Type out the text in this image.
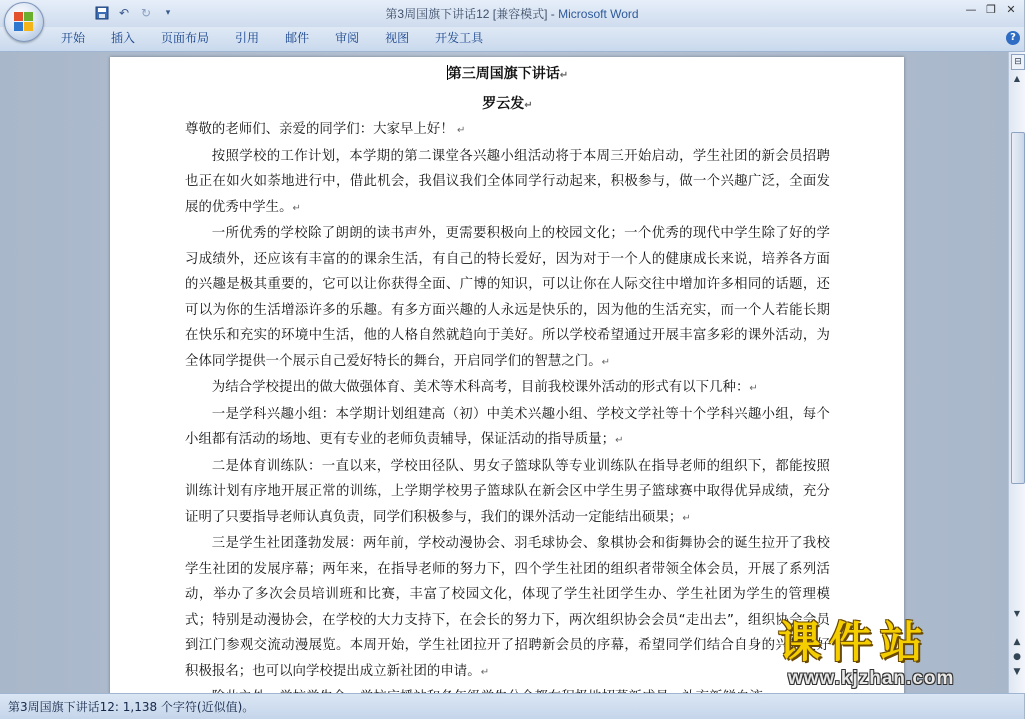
↶ ↻	▾	第3周国旗下讲话12 [兼容模式] - Microsoft Word	— ❐ ✕
开始	插入	页面布局	引用	邮件	审阅	视图	开发工具	?
第三周国旗下讲话↵
罗云发↵

尊敬的老师们、亲爱的同学们：大家早上好！ ↵

按照学校的工作计划，本学期的第二课堂各兴趣小组活动将于本周三开始启动，学生社团的新会员招聘也正在如火如荼地进行中，借此机会，我倡议我们全体同学行动起来，积极参与，做一个兴趣广泛，全面发展的优秀中学生。↵

一所优秀的学校除了朗朗的读书声外，更需要积极向上的校园文化；一个优秀的现代中学生除了好的学习成绩外，还应该有丰富的的课余生活，有自己的特长爱好，因为对于一个人的健康成长来说，培养各方面的兴趣是极其重要的，它可以让你获得全面、广博的知识，可以让你在人际交往中增加许多相同的话题，还可以为你的生活增添许多的乐趣。有多方面兴趣的人永远是快乐的，因为他的生活充实，而一个人若能长期在快乐和充实的环境中生活，他的人格自然就趋向于美好。所以学校希望通过开展丰富多彩的课外活动，为全体同学提供一个展示自己爱好特长的舞台，开启同学们的智慧之门。↵

为结合学校提出的做大做强体育、美术等术科高考，目前我校课外活动的形式有以下几种：↵

一是学科兴趣小组：本学期计划组建高（初）中美术兴趣小组、学校文学社等十个学科兴趣小组，每个小组都有活动的场地、更有专业的老师负责辅导，保证活动的指导质量；↵

二是体育训练队：一直以来，学校田径队、男女子篮球队等专业训练队在指导老师的组织下，都能按照训练计划有序地开展正常的训练，上学期学校男子篮球队在新会区中学生男子篮球赛中取得优异成绩，充分证明了只要指导老师认真负责，同学们积极参与，我们的课外活动一定能结出硕果；↵

三是学生社团蓬勃发展：两年前，学校动漫协会、羽毛球协会、象棋协会和街舞协会的诞生拉开了我校学生社团的发展序幕；两年来，在指导老师的努力下，四个学生社团的组织者带领全体会员，开展了系列活动，举办了多次会员培训班和比赛，丰富了校园文化，体现了学生社团学生办、学生社团为学生的管理模式；特别是动漫协会，在学校的大力支持下，在会长的努力下，两次组织协会会员“走出去”，组织协会会员到江门参观交流动漫展览。本周开始，学生社团拉开了招聘新会员的序幕，希望同学们结合自身的兴趣爱好积极报名；也可以向学校提出成立新社团的申请。↵

⊟
▲
▼
▲
●
▼
课件站
www.kjzhan.com
第3周国旗下讲话12: 1,138 个字符(近似值)。
